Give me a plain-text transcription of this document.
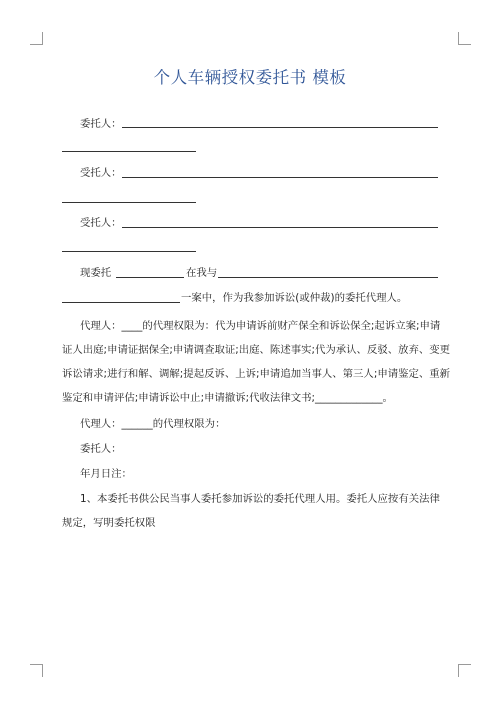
个人车辆授权委托书 模板
委托人：
受托人：
受托人：
现委托	在我与
一案中，作为我参加诉讼(或仲裁)的委托代理人。
代理人：____的代理权限为：代为申请诉前财产保全和诉讼保全;起诉立案;申请
证人出庭;申请证据保全;申请调查取证;出庭、陈述事实;代为承认、反驳、放弃、变更
诉讼请求;进行和解、调解;提起反诉、上诉;申请追加当事人、第三人;申请鉴定、重新
鉴定和申请评估;申请诉讼中止;申请撤诉;代收法律文书;_____________。
代理人：______的代理权限为：
委托人：
年月日注：
1、本委托书供公民当事人委托参加诉讼的委托代理人用。委托人应按有关法律
规定，写明委托权限
